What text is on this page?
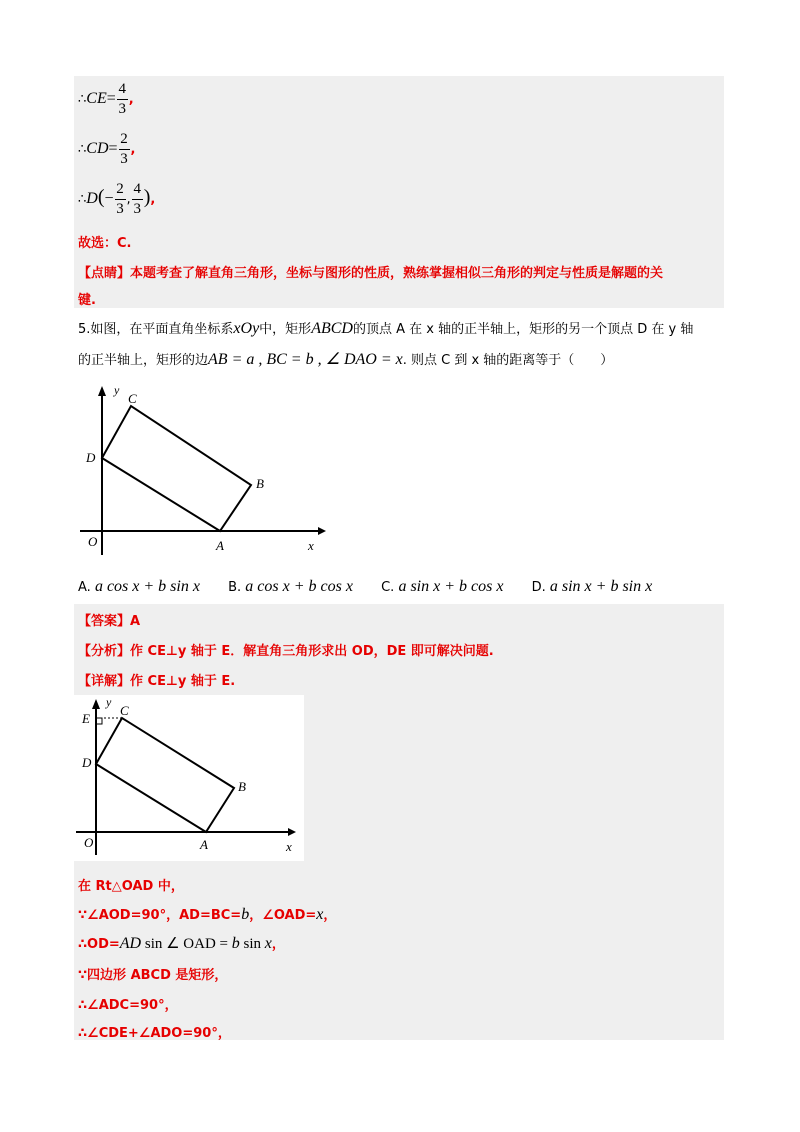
∴CE= $\frac{4}{3}$ ,
∴CD= $\frac{2}{3}$ ,
∴D(− $\frac{2}{3}$ , $\frac{4}{3}$ ),
故选：C.
【点睛】本题考查了解直角三角形，坐标与图形的性质，熟练掌握相似三角形的判定与性质是解题的关
键.
5.如图，在平面直角坐标系xOy中，矩形ABCD的顶点 A 在 x 轴的正半轴上，矩形的另一个顶点 D 在 y 轴
的正半轴上，矩形的边AB = a , BC = b , ∠ DAO = x. 则点 C 到 x 轴的距离等于（　　）
y
C
D
B
O	A	x
A. a cos x + b sin x B. a cos x + b cos x C. a sin x + b cos x D. a sin x + b sin x
【答案】A
【分析】作 CE⊥y 轴于 E．解直角三角形求出 OD，DE 即可解决问题.
【详解】作 CE⊥y 轴于 E.
y
E
C
D
B
O	A	x
在 Rt△OAD 中，
∵∠AOD=90°，AD=BC=b，∠OAD=x，
∴OD=AD sin ∠ OAD = b sin x，
∵四边形 ABCD 是矩形，
∴∠ADC=90°，
∴∠CDE+∠ADO=90°，
